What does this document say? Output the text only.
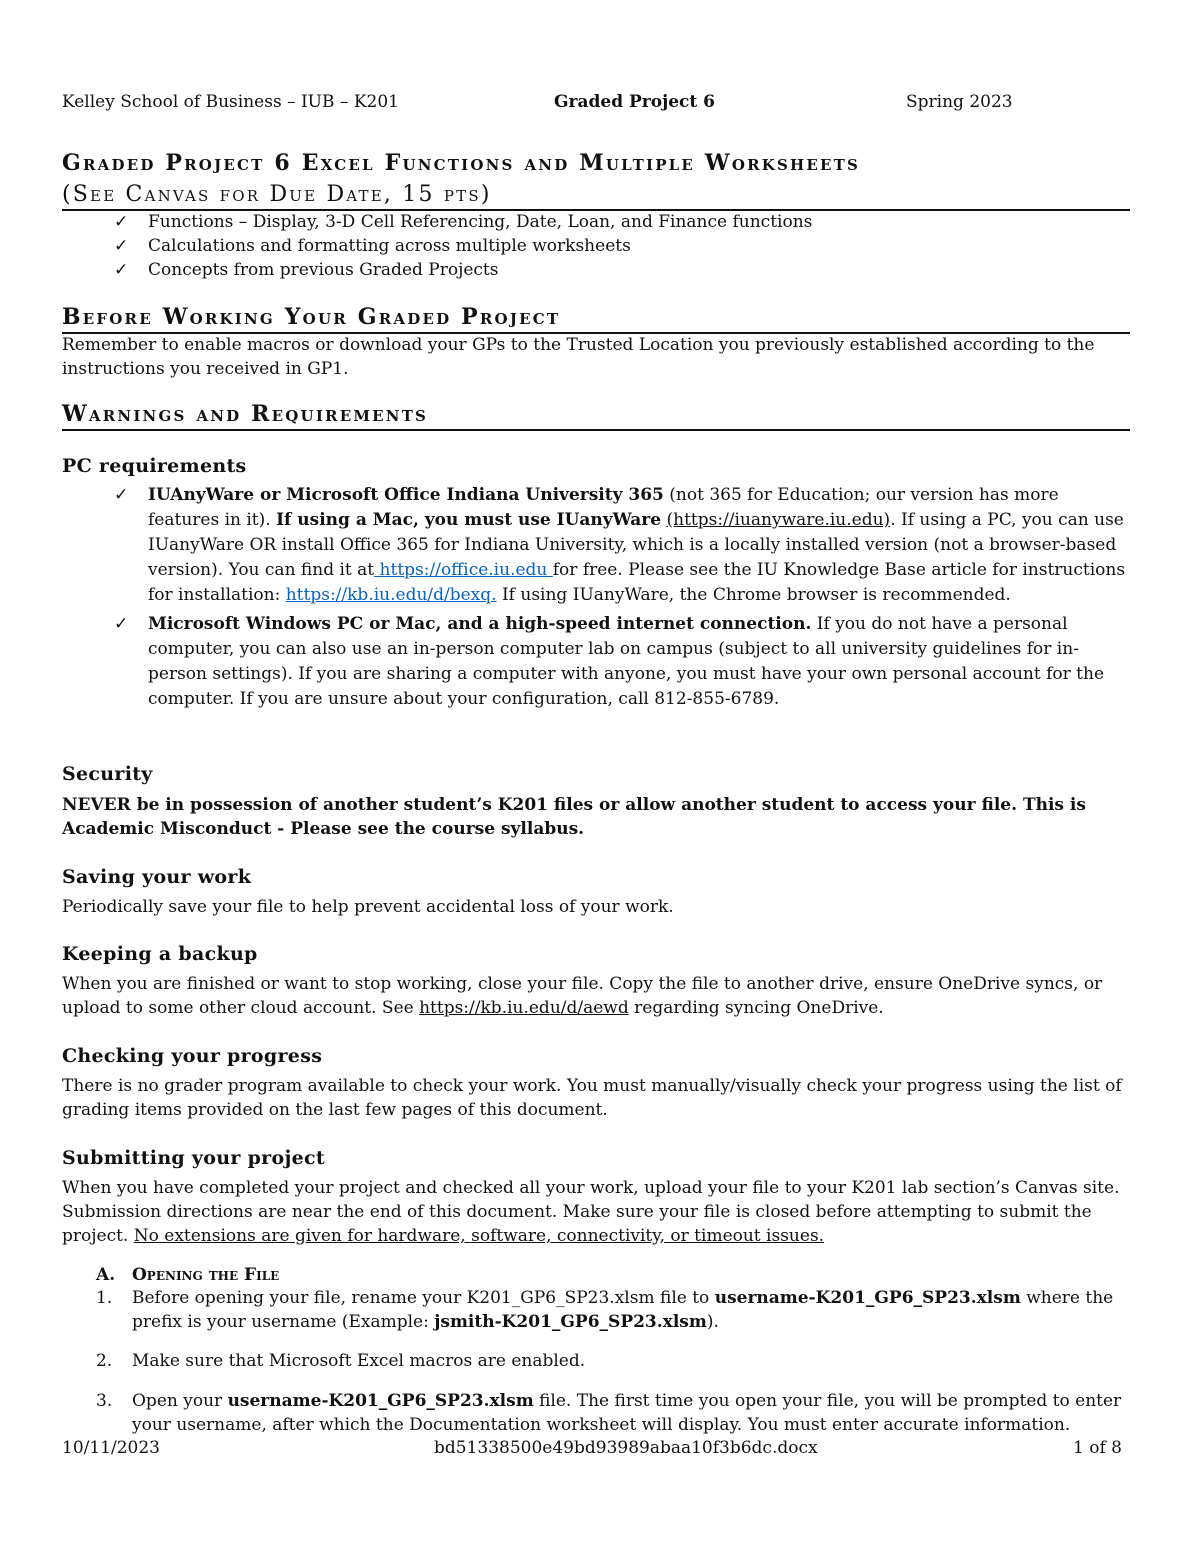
Kelley School of Business – IUB – K201	Graded Project 6	Spring 2023
Graded Project 6 Excel Functions and Multiple Worksheets
(See Canvas for Due Date, 15 pts)
✓ Functions – Display, 3-D Cell Referencing, Date, Loan, and Finance functions
✓ Calculations and formatting across multiple worksheets
✓ Concepts from previous Graded Projects
Before Working Your Graded Project
Remember to enable macros or download your GPs to the Trusted Location you previously established according to the instructions you received in GP1.
Warnings and Requirements
PC requirements
✓ IUAnyWare or Microsoft Office Indiana University 365 (not 365 for Education; our version has more features in it). If using a Mac, you must use IUanyWare (https://iuanyware.iu.edu). If using a PC, you can use IUanyWare OR install Office 365 for Indiana University, which is a locally installed version (not a browser-based version). You can find it at https://office.iu.edu for free. Please see the IU Knowledge Base article for instructions for installation: https://kb.iu.edu/d/bexq. If using IUanyWare, the Chrome browser is recommended.
✓ Microsoft Windows PC or Mac, and a high-speed internet connection. If you do not have a personal computer, you can also use an in-person computer lab on campus (subject to all university guidelines for in-person settings). If you are sharing a computer with anyone, you must have your own personal account for the computer. If you are unsure about your configuration, call 812-855-6789.
Security
NEVER be in possession of another student’s K201 files or allow another student to access your file. This is Academic Misconduct - Please see the course syllabus.
Saving your work
Periodically save your file to help prevent accidental loss of your work.
Keeping a backup
When you are finished or want to stop working, close your file. Copy the file to another drive, ensure OneDrive syncs, or upload to some other cloud account. See https://kb.iu.edu/d/aewd regarding syncing OneDrive.
Checking your progress
There is no grader program available to check your work. You must manually/visually check your progress using the list of grading items provided on the last few pages of this document.
Submitting your project
When you have completed your project and checked all your work, upload your file to your K201 lab section’s Canvas site. Submission directions are near the end of this document. Make sure your file is closed before attempting to submit the project. No extensions are given for hardware, software, connectivity, or timeout issues.
A. Opening the File
1. Before opening your file, rename your K201_GP6_SP23.xlsm file to username-K201_GP6_SP23.xlsm where the prefix is your username (Example: jsmith-K201_GP6_SP23.xlsm).
2. Make sure that Microsoft Excel macros are enabled.
3. Open your username-K201_GP6_SP23.xlsm file. The first time you open your file, you will be prompted to enter your username, after which the Documentation worksheet will display. You must enter accurate information.
10/11/2023	bd51338500e49bd93989abaa10f3b6dc.docx	1 of 8
